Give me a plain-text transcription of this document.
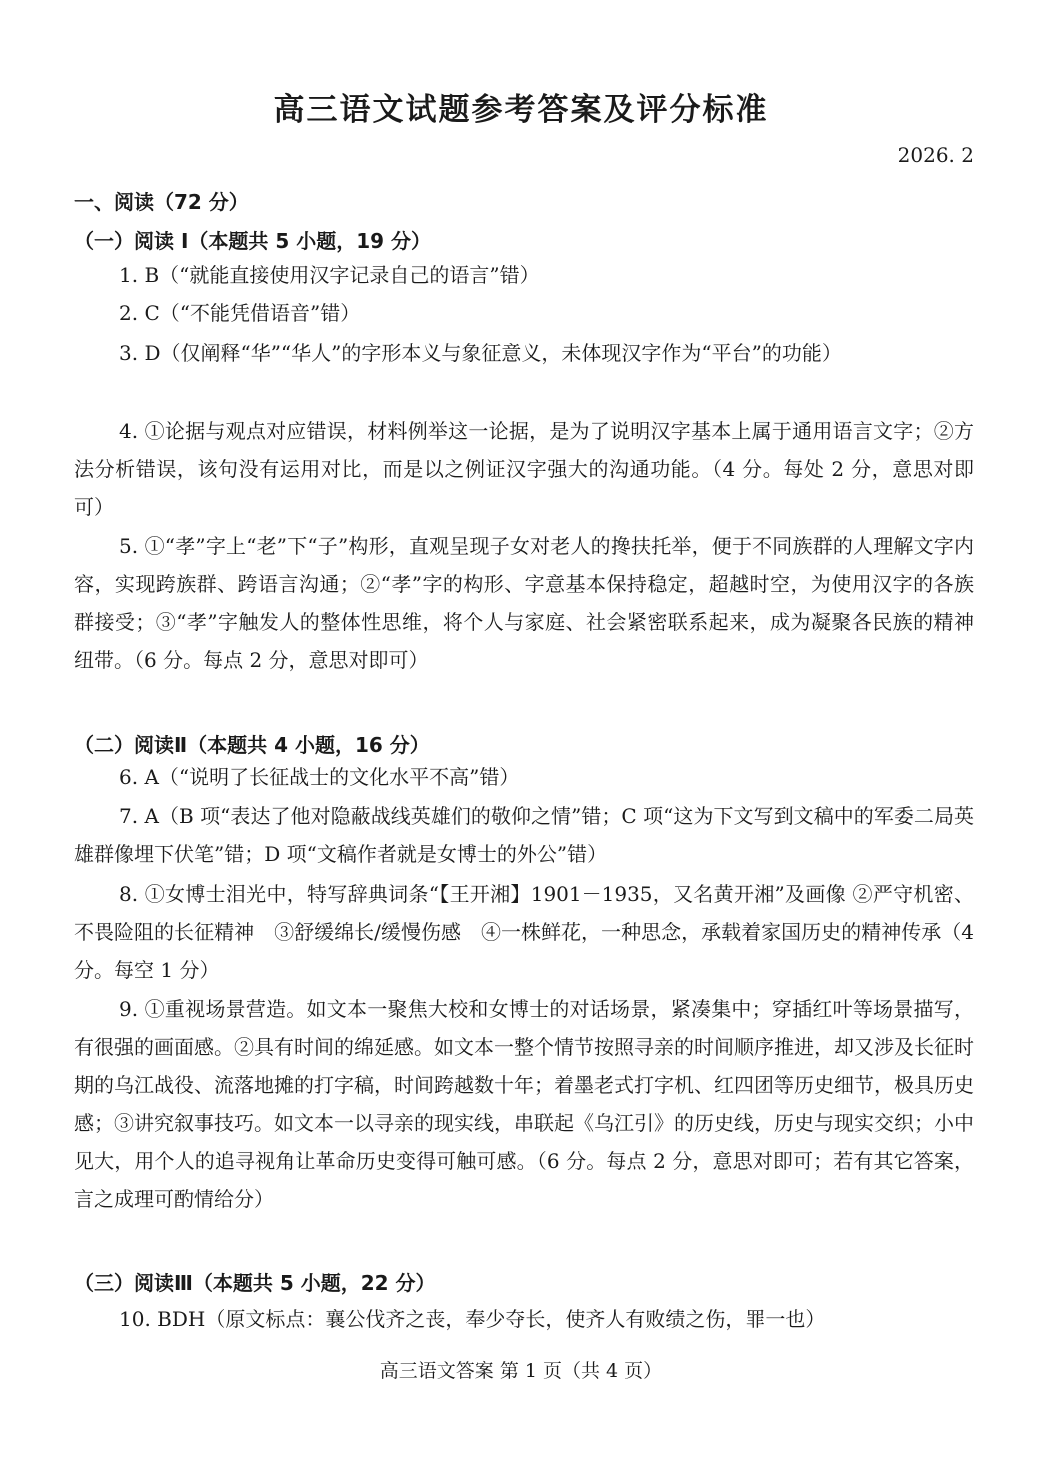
高三语文试题参考答案及评分标准
2026. 2
一、阅读（72 分）
（一）阅读 I（本题共 5 小题，19 分）
1. B（“就能直接使用汉字记录自己的语言”错）
2. C（“不能凭借语音”错）
3. D（仅阐释“华”“华人”的字形本义与象征意义，未体现汉字作为“平台”的功能）
4. ①论据与观点对应错误，材料例举这一论据，是为了说明汉字基本上属于通用语言文字；②方法分析错误，该句没有运用对比，而是以之例证汉字强大的沟通功能。（4 分。每处 2 分，意思对即可）
5. ①“孝”字上“老”下“子”构形，直观呈现子女对老人的搀扶托举，便于不同族群的人理解文字内容，实现跨族群、跨语言沟通；②“孝”字的构形、字意基本保持稳定，超越时空，为使用汉字的各族群接受；③“孝”字触发人的整体性思维，将个人与家庭、社会紧密联系起来，成为凝聚各民族的精神纽带。（6 分。每点 2 分，意思对即可）
（二）阅读Ⅱ（本题共 4 小题，16 分）
6. A（“说明了长征战士的文化水平不高”错）
7. A（B 项“表达了他对隐蔽战线英雄们的敬仰之情”错；C 项“这为下文写到文稿中的军委二局英雄群像埋下伏笔”错；D 项“文稿作者就是女博士的外公”错）
8. ①女博士泪光中，特写辞典词条“【王开湘】1901－1935，又名黄开湘”及画像 ②严守机密、不畏险阻的长征精神　③舒缓绵长/缓慢伤感　④一株鲜花，一种思念，承载着家国历史的精神传承（4 分。每空 1 分）
9. ①重视场景营造。如文本一聚焦大校和女博士的对话场景，紧凑集中；穿插红叶等场景描写，有很强的画面感。②具有时间的绵延感。如文本一整个情节按照寻亲的时间顺序推进，却又涉及长征时期的乌江战役、流落地摊的打字稿，时间跨越数十年；着墨老式打字机、红四团等历史细节，极具历史感；③讲究叙事技巧。如文本一以寻亲的现实线，串联起《乌江引》的历史线，历史与现实交织；小中见大，用个人的追寻视角让革命历史变得可触可感。（6 分。每点 2 分，意思对即可；若有其它答案，言之成理可酌情给分）
（三）阅读Ⅲ（本题共 5 小题，22 分）
10. BDH（原文标点：襄公伐齐之丧，奉少夺长，使齐人有败绩之伤，罪一也）
高三语文答案 第 1 页（共 4 页）
